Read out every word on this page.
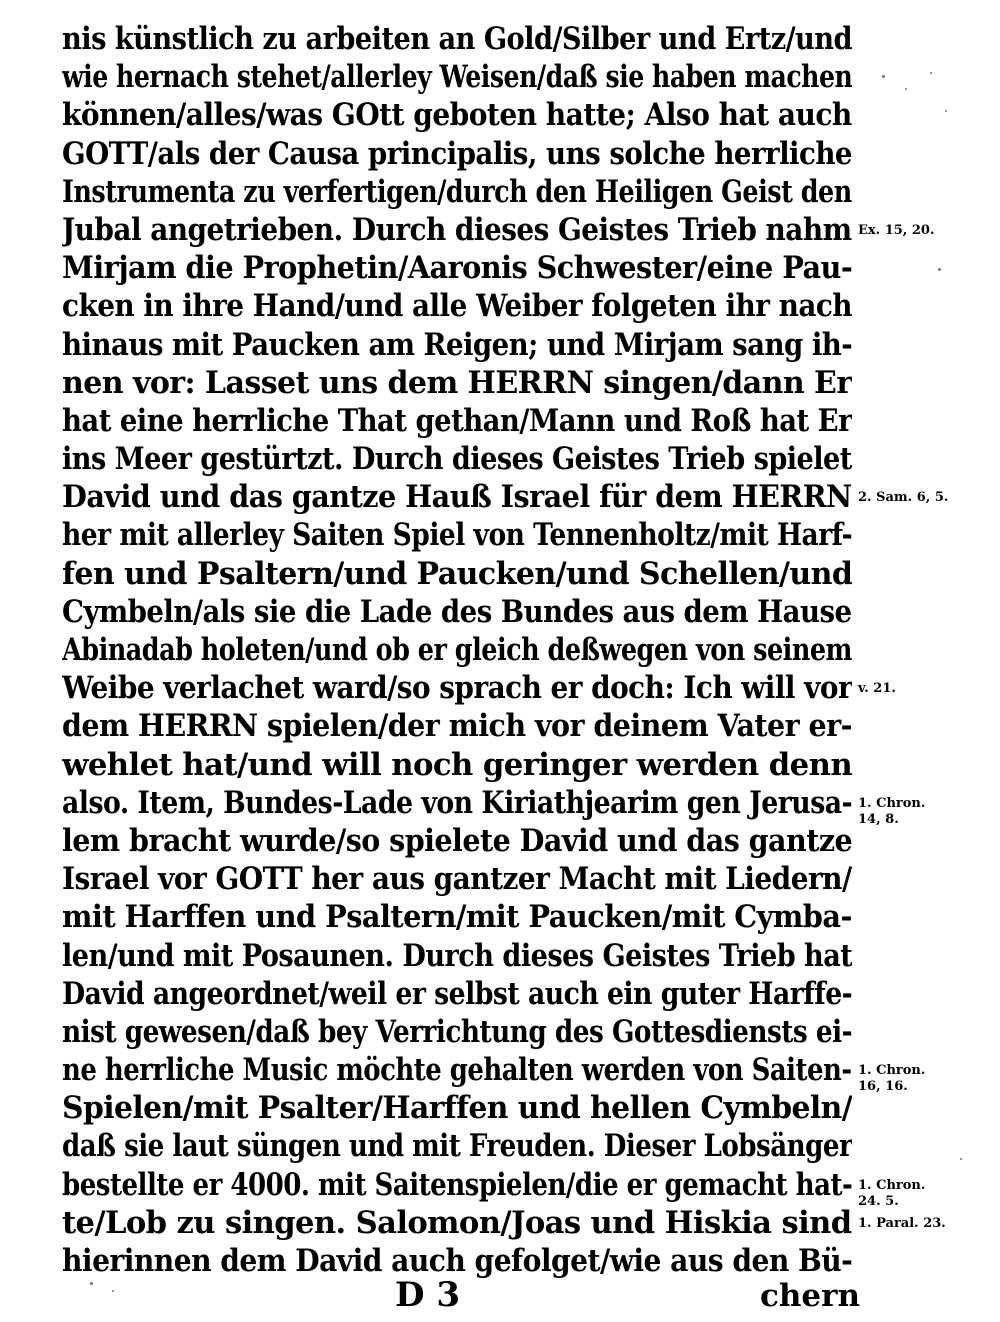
nis künstlich zu arbeiten an Gold/Silber und Ertz/und
wie hernach stehet/allerley Weisen/daß sie haben machen
können/alles/was GOtt geboten hatte; Also hat auch
GOTT/als der Causa principalis, uns solche herrliche
Instrumenta zu verfertigen/durch den Heiligen Geist den
Jubal angetrieben. Durch dieses Geistes Trieb nahm
Mirjam die Prophetin/Aaronis Schwester/eine Pau-
cken in ihre Hand/und alle Weiber folgeten ihr nach
hinaus mit Paucken am Reigen; und Mirjam sang ih-
nen vor: Lasset uns dem HERRN singen/dann Er
hat eine herrliche That gethan/Mann und Roß hat Er
ins Meer gestürtzt. Durch dieses Geistes Trieb spielet
David und das gantze Hauß Israel für dem HERRN
her mit allerley Saiten Spiel von Tennenholtz/mit Harf-
fen und Psaltern/und Paucken/und Schellen/und
Cymbeln/als sie die Lade des Bundes aus dem Hause
Abinadab holeten/und ob er gleich deßwegen von seinem
Weibe verlachet ward/so sprach er doch: Ich will vor
dem HERRN spielen/der mich vor deinem Vater er-
wehlet hat/und will noch geringer werden denn
also. Item, Bundes-Lade von Kiriathjearim gen Jerusa-
lem bracht wurde/so spielete David und das gantze
Israel vor GOTT her aus gantzer Macht mit Liedern/
mit Harffen und Psaltern/mit Paucken/mit Cymba-
len/und mit Posaunen. Durch dieses Geistes Trieb hat
David angeordnet/weil er selbst auch ein guter Harffe-
nist gewesen/daß bey Verrichtung des Gottesdiensts ei-
ne herrliche Music möchte gehalten werden von Saiten-
Spielen/mit Psalter/Harffen und hellen Cymbeln/
daß sie laut süngen und mit Freuden. Dieser Lobsänger
bestellte er 4000. mit Saitenspielen/die er gemacht hat-
te/Lob zu singen. Salomon/Joas und Hiskia sind
hierinnen dem David auch gefolget/wie aus den Bü-
Ex. 15, 20.
2. Sam. 6, 5.
v. 21.
1. Chron.
14, 8.
1. Chron.
16, 16.
1. Chron.
24. 5.
1. Paral. 23.
D 3	chern
